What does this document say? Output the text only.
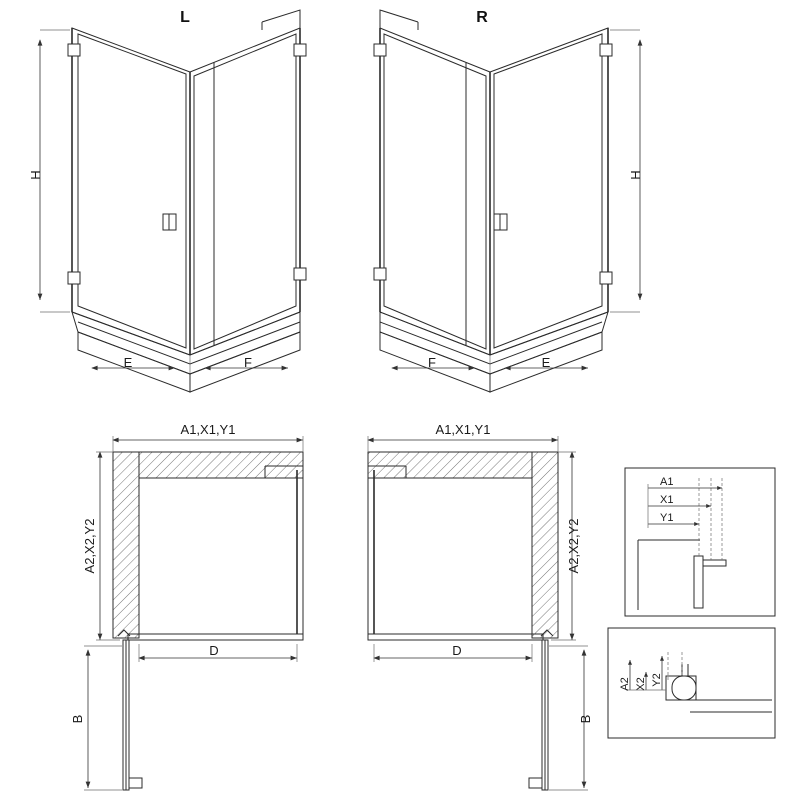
L
H
E	F
R
H
F	E
A1,X1,Y1
A2,X2,Y2
D
B
A1,X1,Y1
A2,X2,Y2
D
B
A1
X1
Y1
A2 X2 Y2
